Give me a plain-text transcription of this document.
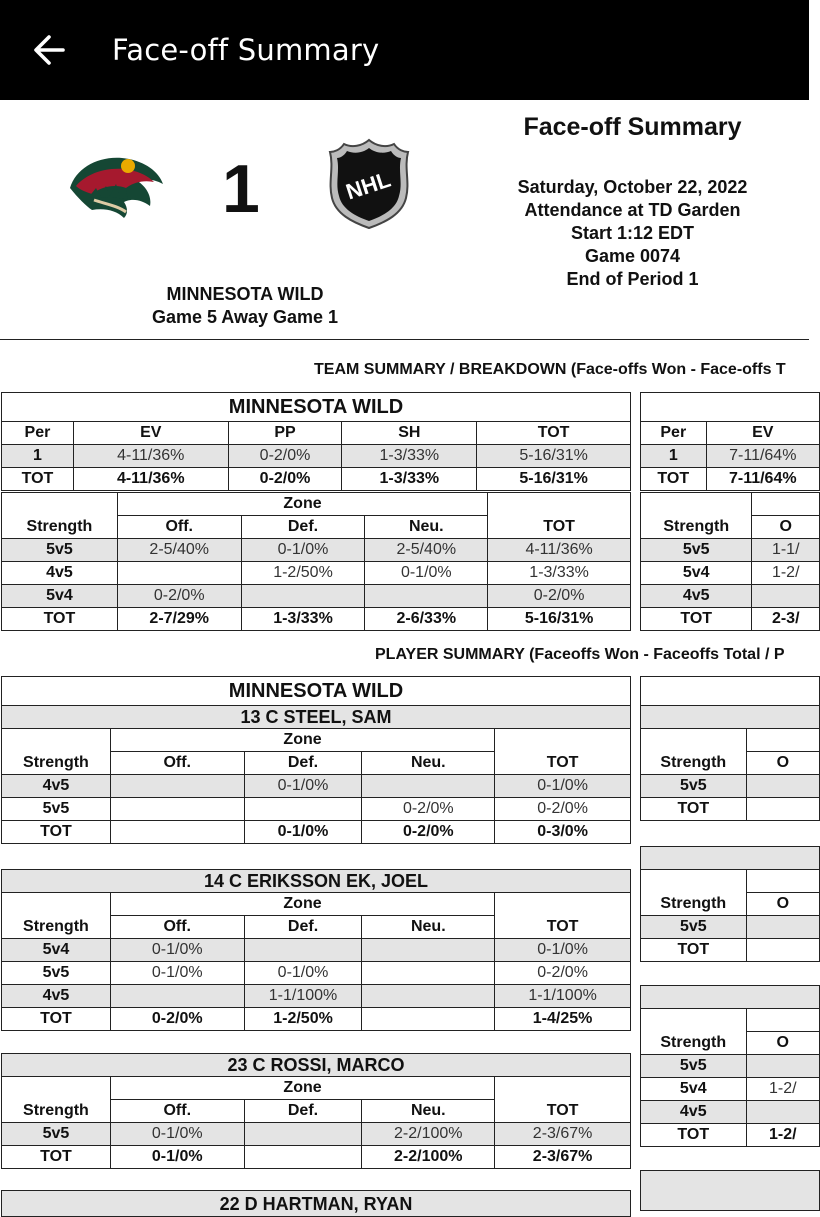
Face-off Summary
1	NHL
MINNESOTA WILD
Game 5 Away Game 1
Face-off Summary
Saturday, October 22, 2022
Attendance at TD Garden
Start 1:12 EDT
Game 0074
End of Period 1
TEAM SUMMARY / BREAKDOWN (Face-offs Won - Face-offs T
MINNESOTA WILD				
Per	EV	PP	SH	TOT
1	4-11/36%	0-2/0%	1-3/33%	5-16/31%
TOT	4-11/36%	0-2/0%	1-3/33%	5-16/31%
	Zone			
Strength	Off.	Def.	Neu.	TOT
5v5	2-5/40%	0-1/0%	2-5/40%	4-11/36%
4v5		1-2/50%	0-1/0%	1-3/33%
5v4	0-2/0%			0-2/0%
TOT	2-7/29%	1-3/33%	2-6/33%	5-16/31%

Per	EV
1	7-11/64%
TOT	7-11/64%

Strength	O
5v5	1-1/
5v4	1-2/
4v5	
TOT	2-3/
PLAYER SUMMARY (Faceoffs Won - Faceoffs Total / P
MINNESOTA WILD				
13 C STEEL, SAM				
	Zone			
Strength	Off.	Def.	Neu.	TOT
4v5		0-1/0%		0-1/0%
5v5			0-2/0%	0-2/0%
TOT		0-1/0%	0-2/0%	0-3/0%
14 C ERIKSSON EK, JOEL				
	Zone			
Strength	Off.	Def.	Neu.	TOT
5v4	0-1/0%			0-1/0%
5v5	0-1/0%	0-1/0%		0-2/0%
4v5		1-1/100%		1-1/100%
TOT	0-2/0%	1-2/50%		1-4/25%
23 C ROSSI, MARCO				
	Zone			
Strength	Off.	Def.	Neu.	TOT
5v5	0-1/0%		2-2/100%	2-3/67%
TOT	0-1/0%		2-2/100%	2-3/67%
22 D HARTMAN, RYAN

Strength	O
5v5	
TOT	

Strength	O
5v5	
TOT	

Strength	O
5v5	
5v4	1-2/
4v5	
TOT	1-2/
